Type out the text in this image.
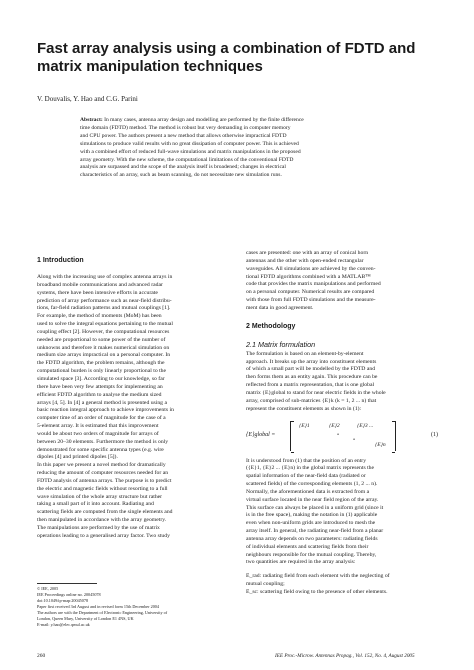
Fast array analysis using a combination of FDTD and
matrix manipulation techniques

V. Douvalis, Y. Hao and C.G. Parini

Abstract: In many cases, antenna array design and modelling are performed by the finite difference
time domain (FDTD) method. The method is robust but very demanding in computer memory
and CPU power. The authors present a new method that allows otherwise impractical FDTD
simulations to produce valid results with no great dissipation of computer power. This is achieved
with a combined effort of reduced full-wave simulations and matrix manipulations in the proposed
array geometry. With the new scheme, the computational limitations of the conventional FDTD
analysis are surpassed and the scope of the analysis itself is broadened; changes in electrical
characteristics of an array, such as beam scanning, do not necessitate new simulation runs.
1 Introduction
Along with the increasing use of complex antenna arrays in
broadband mobile communications and advanced radar
systems, there have been intensive efforts in accurate
prediction of array performance such as near-field distribu-
tions, far-field radiation patterns and mutual couplings [1].
For example, the method of moments (MoM) has been
used to solve the integral equations pertaining to the mutual
coupling effect [2]. However, the computational resources
needed are proportional to some power of the number of
unknowns and therefore it makes numerical simulation on
medium size arrays impractical on a personal computer. In
the FDTD algorithm, the problem remains, although the
computational burden is only linearly proportional to the
simulated space [3]. According to our knowledge, so far
there have been very few attempts for implementing an
efficient FDTD algorithm to analyse the medium sized
arrays [4, 5]. In [4] a general method is presented using a
basic reaction integral approach to achieve improvements in
computer time of an order of magnitude for the case of a
5-element array. It is estimated that this improvement
would be about two orders of magnitude for arrays of
between 20–30 elements. Furthermore the method is only
demonstrated for some specific antenna types (e.g. wire
dipoles [4] and printed dipoles [5]).
In this paper we present a novel method for dramatically
reducing the amount of computer resources needed for an
FDTD analysis of antenna arrays. The purpose is to predict
the electric and magnetic fields without resorting to a full
wave simulation of the whole array structure but rather
taking a small part of it into account. Radiating and
scattering fields are computed from the single elements and
then manipulated in accordance with the array geometry.
The manipulations are performed by the use of matrix
operations leading to a generalised array factor. Two study
cases are presented: one with an array of conical horn
antennas and the other with open-ended rectangular
waveguides. All simulations are achieved by the conven-
tional FDTD algorithms combined with a MATLAB™
code that provides the matrix manipulations and performed
on a personal computer. Numerical results are compared
with those from full FDTD simulations and the measure-
ment data in good agreement.
2 Methodology
2.1 Matrix formulation
The formulation is based on an element-by-element
approach. It breaks up the array into constituent elements
of which a small part will be modelled by the FDTD and
then forms them as an entity again. This procedure can be
reflected from a matrix representation, that is one global
matrix {E}global to stand for near electric fields in the whole
array, comprised of sub-matrices {E}k (k = 1, 2 ... n) that
represent the constituent elements as shown in (1):
{E}global =
{E}1	{E}2	{E}3 ...
•
•
{E}n
(1)
It is understood from (1) that the position of an entry
({E}1, {E}2 ... {E}n) in the global matrix represents the
spatial information of the near-field data (radiated or
scattered fields) of the corresponding elements (1, 2 ... n).
Normally, the aforementioned data is extracted from a
virtual surface located in the near field region of the array.
This surface can always be placed in a uniform grid (since it
is in the free space), making the notation in (1) applicable
even when non-uniform grids are introduced to mesh the
array itself. In general, the radiating near-field from a planar
antenna array depends on two parameters: radiating fields
of individual elements and scattering fields from their
neighbours responsible for the mutual coupling. Thereby,
two quantities are required in the array analysis:
Ê_rad: radiating field from each element with the neglecting of
mutual coupling;
Ê_sc: scattering field owing to the presence of other elements.
© IEE, 2005
IEE Proceedings online no. 20045078
doi:10.1049/ip-map:20045078
Paper first received 3rd August and in revised form 15th December 2004
The authors are with the Department of Electronic Engineering, University of
London, Queen Mary, University of London E1 4NS, UK
E-mail: y.hao@elec.qmul.ac.uk
260	IEE Proc.-Microw. Antennas Propag., Vol. 152, No. 4, August 2005
